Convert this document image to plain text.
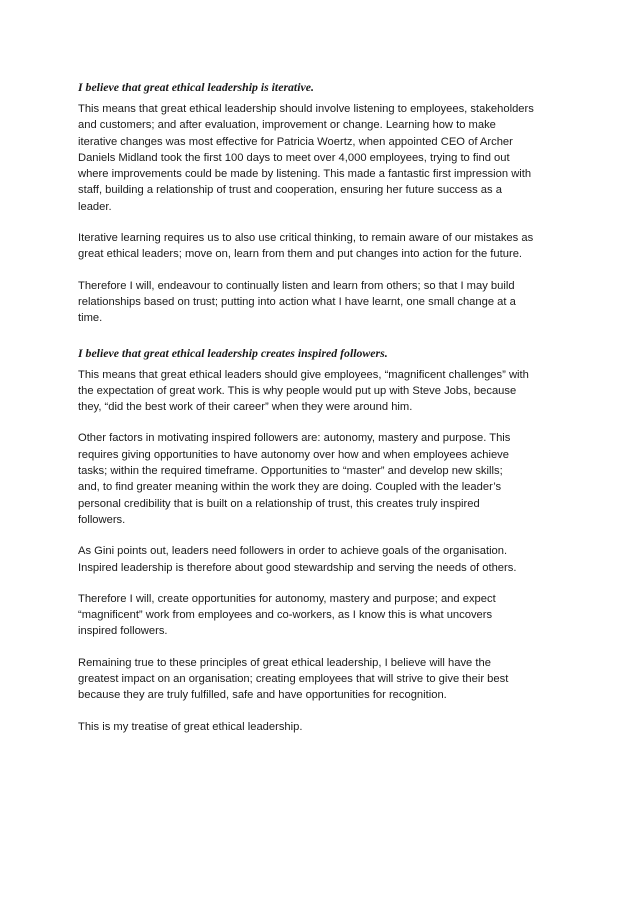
I believe that great ethical leadership is iterative.

This means that great ethical leadership should involve listening to employees, stakeholders
and customers; and after evaluation, improvement or change. Learning how to make
iterative changes was most effective for Patricia Woertz, when appointed CEO of Archer
Daniels Midland took the first 100 days to meet over 4,000 employees, trying to find out
where improvements could be made by listening. This made a fantastic first impression with
staff, building a relationship of trust and cooperation, ensuring her future success as a
leader.

Iterative learning requires us to also use critical thinking, to remain aware of our mistakes as
great ethical leaders; move on, learn from them and put changes into action for the future.

Therefore I will, endeavour to continually listen and learn from others; so that I may build
relationships based on trust; putting into action what I have learnt, one small change at a
time.

I believe that great ethical leadership creates inspired followers.

This means that great ethical leaders should give employees, “magnificent challenges” with
the expectation of great work. This is why people would put up with Steve Jobs, because
they, “did the best work of their career” when they were around him.

Other factors in motivating inspired followers are: autonomy, mastery and purpose. This
requires giving opportunities to have autonomy over how and when employees achieve
tasks; within the required timeframe. Opportunities to “master” and develop new skills;
and, to find greater meaning within the work they are doing. Coupled with the leader’s
personal credibility that is built on a relationship of trust, this creates truly inspired
followers.

As Gini points out, leaders need followers in order to achieve goals of the organisation.
Inspired leadership is therefore about good stewardship and serving the needs of others.

Therefore I will, create opportunities for autonomy, mastery and purpose; and expect
“magnificent” work from employees and co-workers, as I know this is what uncovers
inspired followers.

Remaining true to these principles of great ethical leadership, I believe will have the
greatest impact on an organisation; creating employees that will strive to give their best
because they are truly fulfilled, safe and have opportunities for recognition.

This is my treatise of great ethical leadership.
